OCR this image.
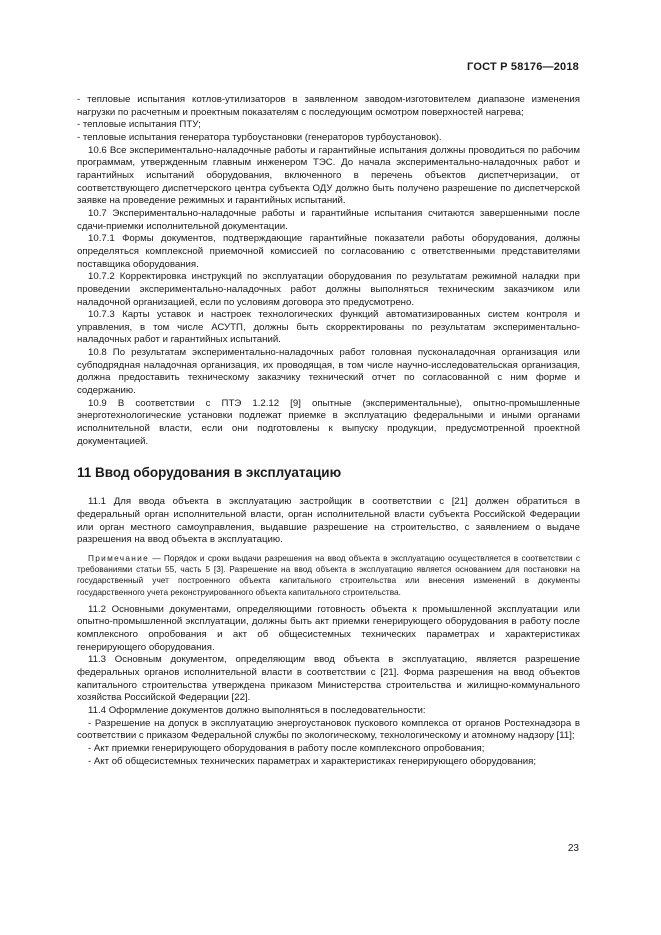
ГОСТ Р 58176—2018

- тепловые испытания котлов-утилизаторов в заявленном заводом-изготовителем диапазоне изменения нагрузки по расчетным и проектным показателям с последующим осмотром поверхностей нагрева;

- тепловые испытания ПТУ;

- тепловые испытания генератора турбоустановки (генераторов турбоустановок).

10.6 Все экспериментально-наладочные работы и гарантийные испытания должны проводиться по рабочим программам, утвержденным главным инженером ТЭС. До начала экспериментально-наладочных работ и гарантийных испытаний оборудования, включенного в перечень объектов диспетчеризации, от соответствующего диспетчерского центра субъекта ОДУ должно быть получено разрешение по диспетчерской заявке на проведение режимных и гарантийных испытаний.

10.7 Экспериментально-наладочные работы и гарантийные испытания считаются завершенными после сдачи-приемки исполнительной документации.

10.7.1 Формы документов, подтверждающие гарантийные показатели работы оборудования, должны определяться комплексной приемочной комиссией по согласованию с ответственными представителями поставщика оборудования.

10.7.2 Корректировка инструкций по эксплуатации оборудования по результатам режимной наладки при проведении экспериментально-наладочных работ должны выполняться техническим заказчиком или наладочной организацией, если по условиям договора это предусмотрено.

10.7.3 Карты уставок и настроек технологических функций автоматизированных систем контроля и управления, в том числе АСУТП, должны быть скорректированы по результатам экспериментально-наладочных работ и гарантийных испытаний.

10.8 По результатам экспериментально-наладочных работ головная пусконаладочная организация или субподрядная наладочная организация, их проводящая, в том числе научно-исследовательская организация, должна предоставить техническому заказчику технический отчет по согласованной с ним форме и содержанию.

10.9 В соответствии с ПТЭ 1.2.12 [9] опытные (экспериментальные), опытно-промышленные энерготехнологические установки подлежат приемке в эксплуатацию федеральными и иными органами исполнительной власти, если они подготовлены к выпуску продукции, предусмотренной проектной документацией.

11 Ввод оборудования в эксплуатацию

11.1 Для ввода объекта в эксплуатацию застройщик в соответствии с [21] должен обратиться в федеральный орган исполнительной власти, орган исполнительной власти субъекта Российской Федерации или орган местного самоуправления, выдавшие разрешение на строительство, с заявлением о выдаче разрешения на ввод объекта в эксплуатацию.

Примечание — Порядок и сроки выдачи разрешения на ввод объекта в эксплуатацию осуществляется в соответствии с требованиями статьи 55, часть 5 [3]. Разрешение на ввод объекта в эксплуатацию является основанием для постановки на государственный учет построенного объекта капитального строительства или внесения изменений в документы государственного учета реконструированного объекта капитального строительства.

11.2 Основными документами, определяющими готовность объекта к промышленной эксплуатации или опытно-промышленной эксплуатации, должны быть акт приемки генерирующего оборудования в работу после комплексного опробования и акт об общесистемных технических параметрах и характеристиках генерирующего оборудования.

11.3 Основным документом, определяющим ввод объекта в эксплуатацию, является разрешение федеральных органов исполнительной власти в соответствии с [21]. Форма разрешения на ввод объектов капитального строительства утверждена приказом Министерства строительства и жилищно-коммунального хозяйства Российской Федерации [22].

11.4 Оформление документов должно выполняться в последовательности:

- Разрешение на допуск в эксплуатацию энергоустановок пускового комплекса от органов Ростехнадзора в соответствии с приказом Федеральной службы по экологическому, технологическому и атомному надзору [11];

- Акт приемки генерирующего оборудования в работу после комплексного опробования;

- Акт об общесистемных технических параметрах и характеристиках генерирующего оборудования;

23
